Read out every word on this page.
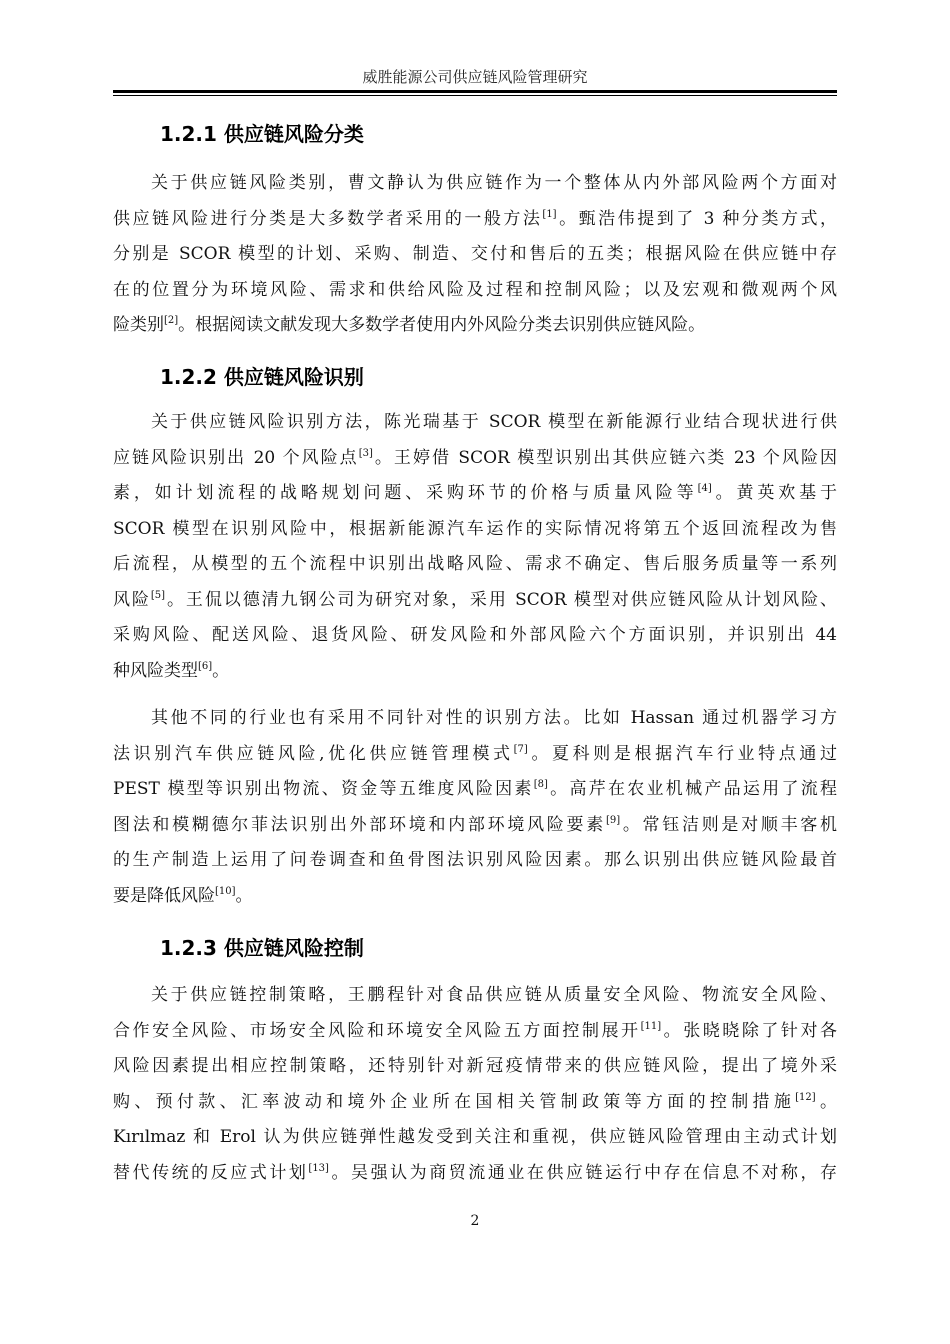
威胜能源公司供应链风险管理研究
1.2.1 供应链风险分类
关于供应链风险类别，曹文静认为供应链作为一个整体从内外部风险两个方面对
供应链风险进行分类是大多数学者采用的一般方法[1]。甄浩伟提到了 3 种分类方式，
分别是 SCOR 模型的计划、采购、制造、交付和售后的五类；根据风险在供应链中存
在的位置分为环境风险、需求和供给风险及过程和控制风险；以及宏观和微观两个风
险类别[2]。根据阅读文献发现大多数学者使用内外风险分类去识别供应链风险。
1.2.2 供应链风险识别
关于供应链风险识别方法，陈光瑞基于 SCOR 模型在新能源行业结合现状进行供
应链风险识别出 20 个风险点[3]。王婷借 SCOR 模型识别出其供应链六类 23 个风险因
素，如计划流程的战略规划问题、采购环节的价格与质量风险等[4]。黄英欢基于
SCOR 模型在识别风险中，根据新能源汽车运作的实际情况将第五个返回流程改为售
后流程，从模型的五个流程中识别出战略风险、需求不确定、售后服务质量等一系列
风险[5]。王侃以德清九钢公司为研究对象，采用 SCOR 模型对供应链风险从计划风险、
采购风险、配送风险、退货风险、研发风险和外部风险六个方面识别，并识别出 44
种风险类型[6]。
其他不同的行业也有采用不同针对性的识别方法。比如 Hassan 通过机器学习方
法识别汽车供应链风险,优化供应链管理模式[7]。夏科则是根据汽车行业特点通过
PEST 模型等识别出物流、资金等五维度风险因素[8]。高芹在农业机械产品运用了流程
图法和模糊德尔菲法识别出外部环境和内部环境风险要素[9]。常钰洁则是对顺丰客机
的生产制造上运用了问卷调查和鱼骨图法识别风险因素。那么识别出供应链风险最首
要是降低风险[10]。
1.2.3 供应链风险控制
关于供应链控制策略，王鹏程针对食品供应链从质量安全风险、物流安全风险、
合作安全风险、市场安全风险和环境安全风险五方面控制展开[11]。张晓晓除了针对各
风险因素提出相应控制策略，还特别针对新冠疫情带来的供应链风险，提出了境外采
购、预付款、汇率波动和境外企业所在国相关管制政策等方面的控制措施[12]。
Kırılmaz 和 Erol 认为供应链弹性越发受到关注和重视，供应链风险管理由主动式计划
替代传统的反应式计划[13]。吴强认为商贸流通业在供应链运行中存在信息不对称，存
2
